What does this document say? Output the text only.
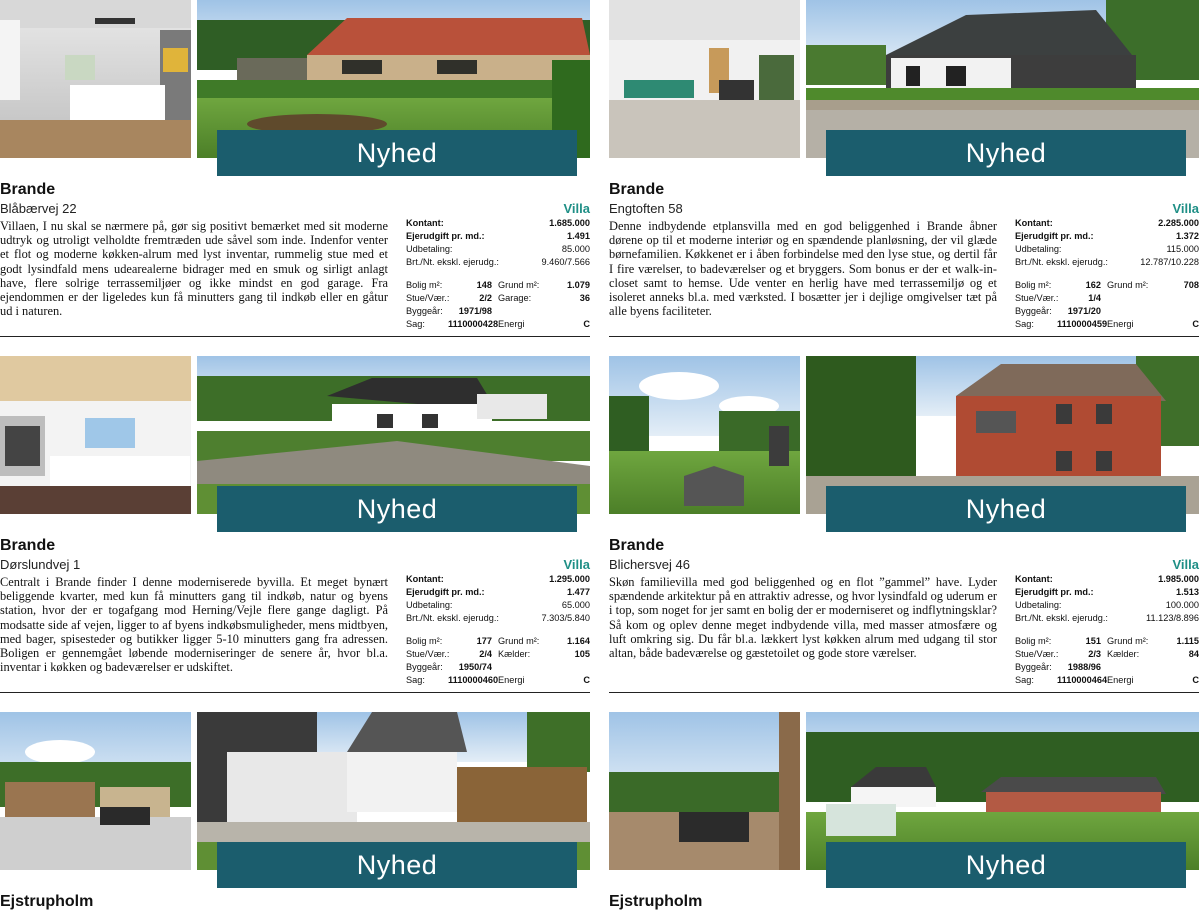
Nyhed
Brande
Blåbærvej 22	Villa

Villaen, I nu skal se nærmere på, gør sig positivt bemærket med sit moderne udtryk og utroligt velholdte fremtræden ude såvel som inde. Indenfor venter et flot og moderne køkken-alrum med lyst inventar, rummelig stue med et godt lysindfald mens udearealerne bidrager med en smuk og sirligt anlagt have, flere solrige terrassemiljøer og ikke mindst en god garage. Fra ejendommen er der ligeledes kun få minutters gang til indkøb eller en gåtur ud i naturen.

Kontant:	1.685.000
Ejerudgift pr. md.:	1.491
Udbetaling:	85.000
Brt./Nt. ekskl. ejerudg.:	9.460/7.566
Bolig m²:	148 Grund m²:	1.079
Stue/Vær.:	2/2 Garage:	36
Byggeår:	1971/98
Sag:	1110000428 Energi	C
Nyhed
Brande
Engtoften 58	Villa

Denne indbydende etplansvilla med en god beliggenhed i Brande åbner dørene op til et moderne interiør og en spændende planløsning, der vil glæde børnefamilien. Køkkenet er i åben forbindelse med den lyse stue, og dertil får I fire værelser, to badeværelser og et bryggers. Som bonus er der et walk-in-closet samt to hemse. Ude venter en herlig have med terrassemiljø og et isoleret anneks bl.a. med værksted. I bosætter jer i dejlige omgivelser tæt på alle byens faciliteter.

Kontant:	2.285.000
Ejerudgift pr. md.:	1.372
Udbetaling:	115.000
Brt./Nt. ekskl. ejerudg.:	12.787/10.228
Bolig m²:	162 Grund m²:	708
Stue/Vær.:	1/4
Byggeår:	1971/20
Sag:	1110000459 Energi	C
Nyhed
Brande
Dørslundvej 1	Villa

Centralt i Brande finder I denne moderniserede byvilla. Et meget bynært beliggende kvarter, med kun få minutters gang til indkøb, natur og byens station, hvor der er togafgang mod Herning/Vejle flere gange dagligt. På modsatte side af vejen, ligger to af byens indkøbsmuligheder, mens midtbyen, med bager, spisesteder og butikker ligger 5-10 minutters gang fra adressen. Boligen er gennemgået løbende moderniseringer de senere år, hvor bl.a. inventar i køkken og badeværelser er udskiftet.

Kontant:	1.295.000
Ejerudgift pr. md.:	1.477
Udbetaling:	65.000
Brt./Nt. ekskl. ejerudg.:	7.303/5.840
Bolig m²:	177 Grund m²:	1.164
Stue/Vær.:	2/4 Kælder:	105
Byggeår:	1950/74
Sag:	1110000460 Energi	C
Nyhed
Brande
Blichersvej 46	Villa

Skøn familievilla med god beliggenhed og en flot ”gammel” have. Lyder spændende arkitektur på en attraktiv adresse, og hvor lysindfald og uderum er i top, som noget for jer samt en bolig der er moderniseret og indflytningsklar? Så kom og oplev denne meget indbydende villa, med masser atmosfære og luft omkring sig. Du får bl.a. lækkert lyst køkken alrum med udgang til stor altan, både badeværelse og gæstetoilet og gode store værelser.

Kontant:	1.985.000
Ejerudgift pr. md.:	1.513
Udbetaling:	100.000
Brt./Nt. ekskl. ejerudg.:	11.123/8.896
Bolig m²:	151 Grund m²:	1.115
Stue/Vær.:	2/3 Kælder:	84
Byggeår:	1988/96
Sag:	1110000464 Energi	C
Nyhed
Ejstrupholm
Nyhed
Ejstrupholm
